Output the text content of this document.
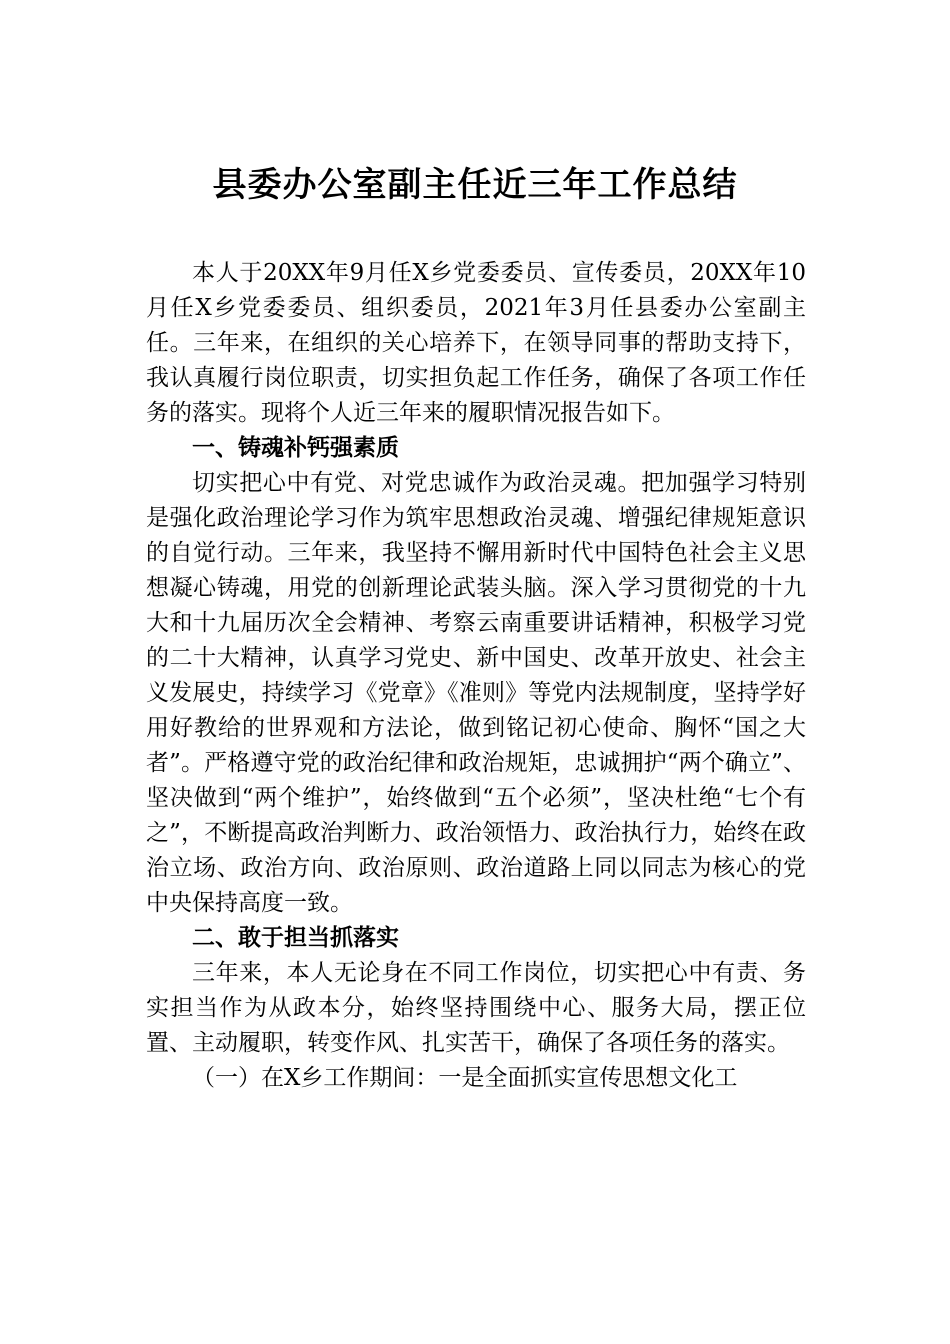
县委办公室副主任近三年工作总结

本人于20XX年9月任X乡党委委员、宣传委员，20XX年10月任X乡党委委员、组织委员，2021年3月任县委办公室副主任。三年来，在组织的关心培养下，在领导同事的帮助支持下，我认真履行岗位职责，切实担负起工作任务，确保了各项工作任务的落实。现将个人近三年来的履职情况报告如下。

一、铸魂补钙强素质

切实把心中有党、对党忠诚作为政治灵魂。把加强学习特别是强化政治理论学习作为筑牢思想政治灵魂、增强纪律规矩意识的自觉行动。三年来，我坚持不懈用新时代中国特色社会主义思想凝心铸魂，用党的创新理论武装头脑。深入学习贯彻党的十九大和十九届历次全会精神、考察云南重要讲话精神，积极学习党的二十大精神，认真学习党史、新中国史、改革开放史、社会主义发展史，持续学习《党章》《准则》等党内法规制度，坚持学好用好教给的世界观和方法论，做到铭记初心使命、胸怀“国之大者”。严格遵守党的政治纪律和政治规矩，忠诚拥护“两个确立”、坚决做到“两个维护”，始终做到“五个必须”，坚决杜绝“七个有之”，不断提高政治判断力、政治领悟力、政治执行力，始终在政治立场、政治方向、政治原则、政治道路上同以同志为核心的党中央保持高度一致。

二、敢于担当抓落实

三年来，本人无论身在不同工作岗位，切实把心中有责、务实担当作为从政本分，始终坚持围绕中心、服务大局，摆正位置、主动履职，转变作风、扎实苦干，确保了各项任务的落实。

（一）在X乡工作期间：一是全面抓实宣传思想文化工
